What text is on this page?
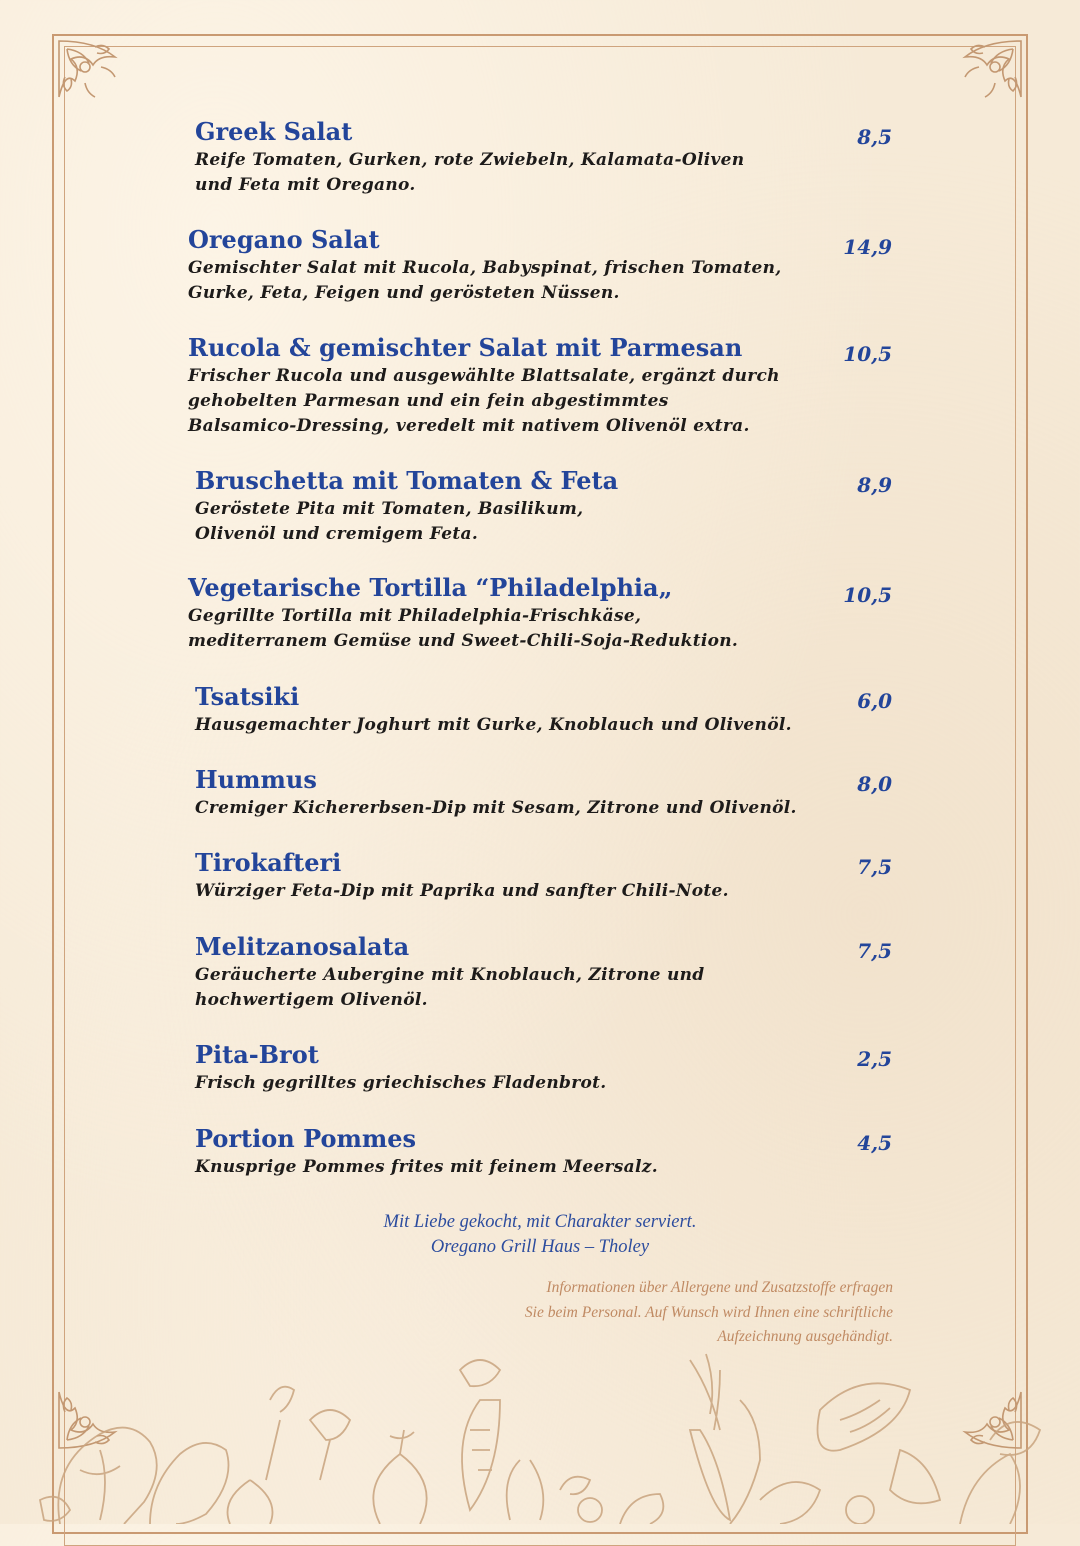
Greek Salat
Reife Tomaten, Gurken, rote Zwiebeln, Kalamata-Oliven
und Feta mit Oregano.
8,5
Oregano Salat
Gemischter Salat mit Rucola, Babyspinat, frischen Tomaten,
Gurke, Feta, Feigen und gerösteten Nüssen.
14,9
Rucola & gemischter Salat mit Parmesan
Frischer Rucola und ausgewählte Blattsalate, ergänzt durch
gehobelten Parmesan und ein fein abgestimmtes
Balsamico-Dressing, veredelt mit nativem Olivenöl extra.
10,5
Bruschetta mit Tomaten & Feta
Geröstete Pita mit Tomaten, Basilikum,
Olivenöl und cremigem Feta.
8,9
Vegetarische Tortilla “Philadelphia„
Gegrillte Tortilla mit Philadelphia-Frischkäse,
mediterranem Gemüse und Sweet-Chili-Soja-Reduktion.
10,5
Tsatsiki
Hausgemachter Joghurt mit Gurke, Knoblauch und Olivenöl.
6,0
Hummus
Cremiger Kichererbsen-Dip mit Sesam, Zitrone und Olivenöl.
8,0
Tirokafteri
Würziger Feta-Dip mit Paprika und sanfter Chili-Note.
7,5
Melitzanosalata
Geräucherte Aubergine mit Knoblauch, Zitrone und
hochwertigem Olivenöl.
7,5
Pita-Brot
Frisch gegrilltes griechisches Fladenbrot.
2,5
Portion Pommes
Knusprige Pommes frites mit feinem Meersalz.
4,5
Mit Liebe gekocht, mit Charakter serviert.
Oregano Grill Haus – Tholey
Informationen über Allergene und Zusatzstoffe erfragen
Sie beim Personal. Auf Wunsch wird Ihnen eine schriftliche
Aufzeichnung ausgehändigt.
